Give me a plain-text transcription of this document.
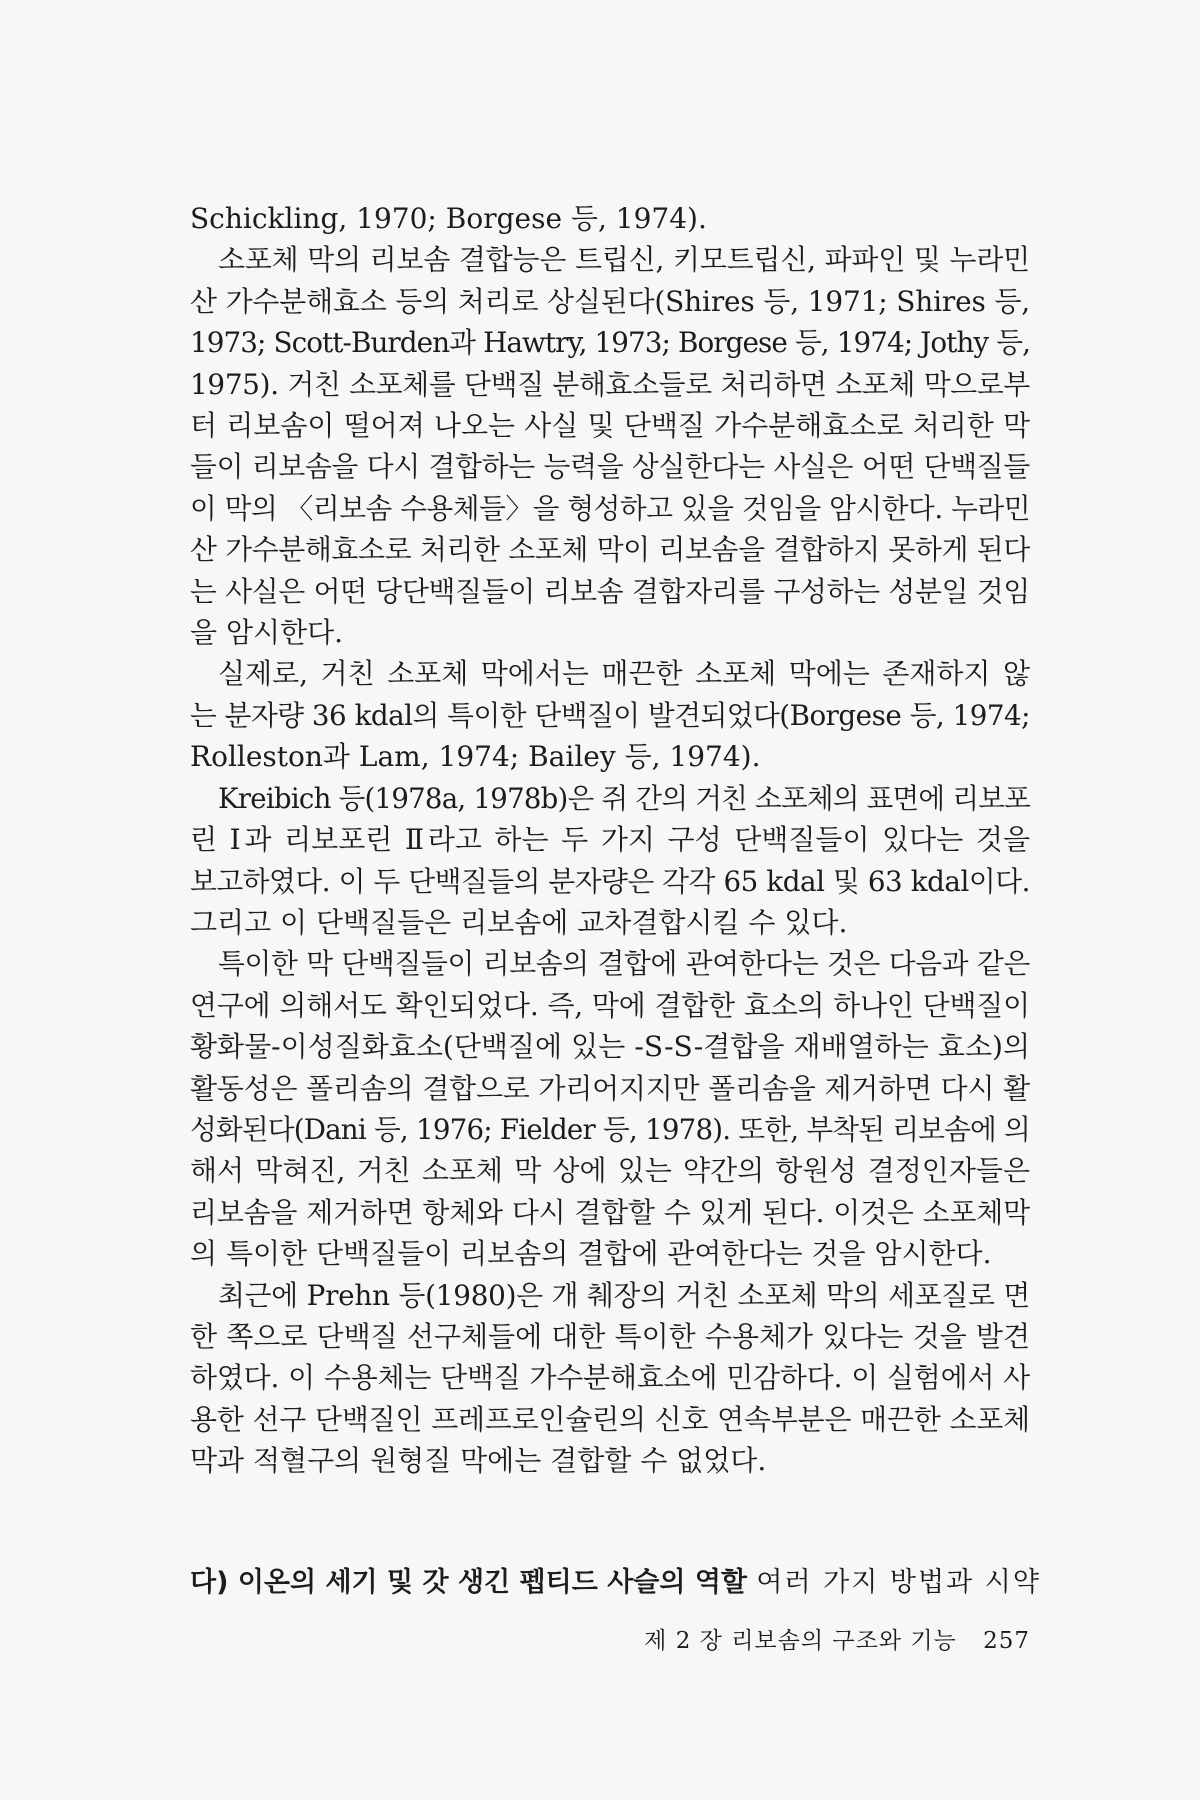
Schickling, 1970; Borgese 등, 1974).

소포체 막의 리보솜 결합능은 트립신, 키모트립신, 파파인 및 누라민
산 가수분해효소 등의 처리로 상실된다(Shires 등, 1971; Shires 등,
1973; Scott-Burden과 Hawtry, 1973; Borgese 등, 1974; Jothy 등,
1975). 거친 소포체를 단백질 분해효소들로 처리하면 소포체 막으로부
터 리보솜이 떨어져 나오는 사실 및 단백질 가수분해효소로 처리한 막
들이 리보솜을 다시 결합하는 능력을 상실한다는 사실은 어떤 단백질들
이 막의 〈리보솜 수용체들〉을 형성하고 있을 것임을 암시한다. 누라민
산 가수분해효소로 처리한 소포체 막이 리보솜을 결합하지 못하게 된다
는 사실은 어떤 당단백질들이 리보솜 결합자리를 구성하는 성분일 것임
을 암시한다.

실제로, 거친 소포체 막에서는 매끈한 소포체 막에는 존재하지 않
는 분자량 36 kdal의 특이한 단백질이 발견되었다(Borgese 등, 1974;
Rolleston과 Lam, 1974; Bailey 등, 1974).

Kreibich 등(1978a, 1978b)은 쥐 간의 거친 소포체의 표면에 리보포
린 Ⅰ과 리보포린 Ⅱ라고 하는 두 가지 구성 단백질들이 있다는 것을
보고하였다. 이 두 단백질들의 분자량은 각각 65 kdal 및 63 kdal이다.
그리고 이 단백질들은 리보솜에 교차결합시킬 수 있다.

특이한 막 단백질들이 리보솜의 결합에 관여한다는 것은 다음과 같은
연구에 의해서도 확인되었다. 즉, 막에 결합한 효소의 하나인 단백질이
황화물-이성질화효소(단백질에 있는 -S-S-결합을 재배열하는 효소)의
활동성은 폴리솜의 결합으로 가리어지지만 폴리솜을 제거하면 다시 활
성화된다(Dani 등, 1976; Fielder 등, 1978). 또한, 부착된 리보솜에 의
해서 막혀진, 거친 소포체 막 상에 있는 약간의 항원성 결정인자들은
리보솜을 제거하면 항체와 다시 결합할 수 있게 된다. 이것은 소포체막
의 특이한 단백질들이 리보솜의 결합에 관여한다는 것을 암시한다.

최근에 Prehn 등(1980)은 개 췌장의 거친 소포체 막의 세포질로 면
한 쪽으로 단백질 선구체들에 대한 특이한 수용체가 있다는 것을 발견
하였다. 이 수용체는 단백질 가수분해효소에 민감하다. 이 실험에서 사
용한 선구 단백질인 프레프로인슐린의 신호 연속부분은 매끈한 소포체
막과 적혈구의 원형질 막에는 결합할 수 없었다.

다) 이온의 세기 및 갓 생긴 펩티드 사슬의 역할 여러 가지 방법과 시약
제 2 장 리보솜의 구조와 기능 257
